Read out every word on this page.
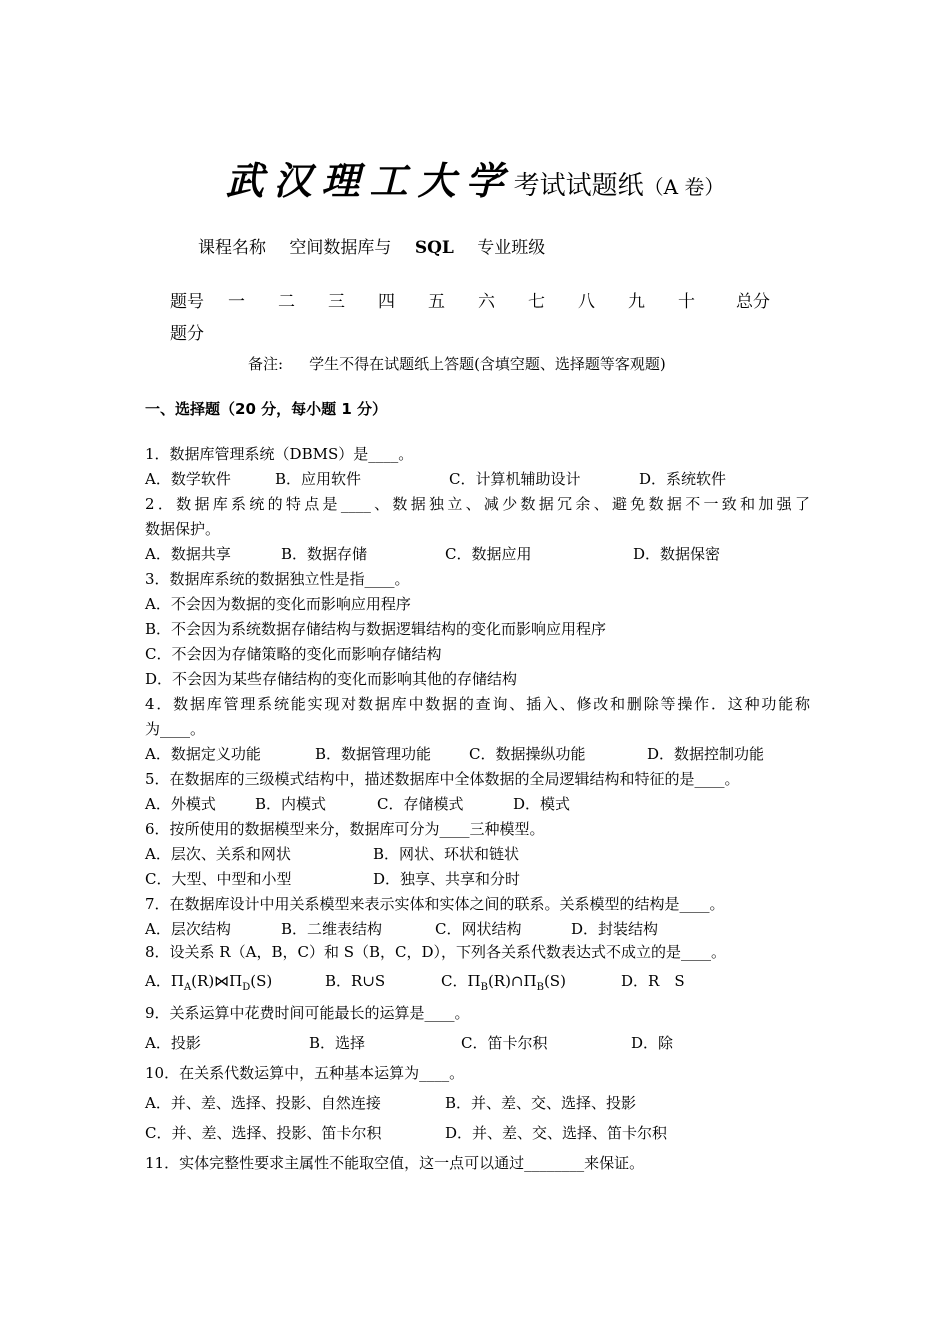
武汉理工大学考试试题纸（A 卷）
课程名称 空间数据库与 SQL 专业班级
题号 一 二 三 四 五 六 七 八 九 十 总分
题分
备注: 学生不得在试题纸上答题(含填空题、选择题等客观题)
一、选择题（20 分，每小题 1 分）
1．数据库管理系统（DBMS）是____。
A．数学软件	B．应用软件	C．计算机辅助设计	D．系统软件
2．数据库系统的特点是____、数据独立、减少数据冗余、避免数据不一致和加强了
数据保护。
A．数据共享	B．数据存储	C．数据应用	D．数据保密
3．数据库系统的数据独立性是指____。
A．不会因为数据的变化而影响应用程序
B．不会因为系统数据存储结构与数据逻辑结构的变化而影响应用程序
C．不会因为存储策略的变化而影响存储结构
D．不会因为某些存储结构的变化而影响其他的存储结构
4．数据库管理系统能实现对数据库中数据的查询、插入、修改和删除等操作．这种功能称
为____。
A．数据定义功能	B．数据管理功能	C．数据操纵功能	D．数据控制功能
5．在数据库的三级模式结构中，描述数据库中全体数据的全局逻辑结构和特征的是____。
A．外模式	B．内模式	C．存储模式	D．模式
6．按所使用的数据模型来分，数据库可分为____三种模型。
A．层次、关系和网状	B．网状、环状和链状
C．大型、中型和小型	D．独享、共享和分时
7．在数据库设计中用关系模型来表示实体和实体之间的联系。关系模型的结构是____。
A．层次结构	B．二维表结构	C．网状结构	D．封装结构
8．设关系 R（A，B，C）和 S（B，C，D），下列各关系代数表达式不成立的是____。
A．$\Pi_A(R)⋈\Pi_D(S)$	B．R∪S	C．$\Pi_B(R)\cap\Pi_B(S)$	D．R　S
9．关系运算中花费时间可能最长的运算是____。
A．投影	B．选择	C．笛卡尔积	D．除
10．在关系代数运算中，五种基本运算为____。
A．并、差、选择、投影、自然连接	B．并、差、交、选择、投影
C．并、差、选择、投影、笛卡尔积	D．并、差、交、选择、笛卡尔积
11．实体完整性要求主属性不能取空值，这一点可以通过________来保证。
